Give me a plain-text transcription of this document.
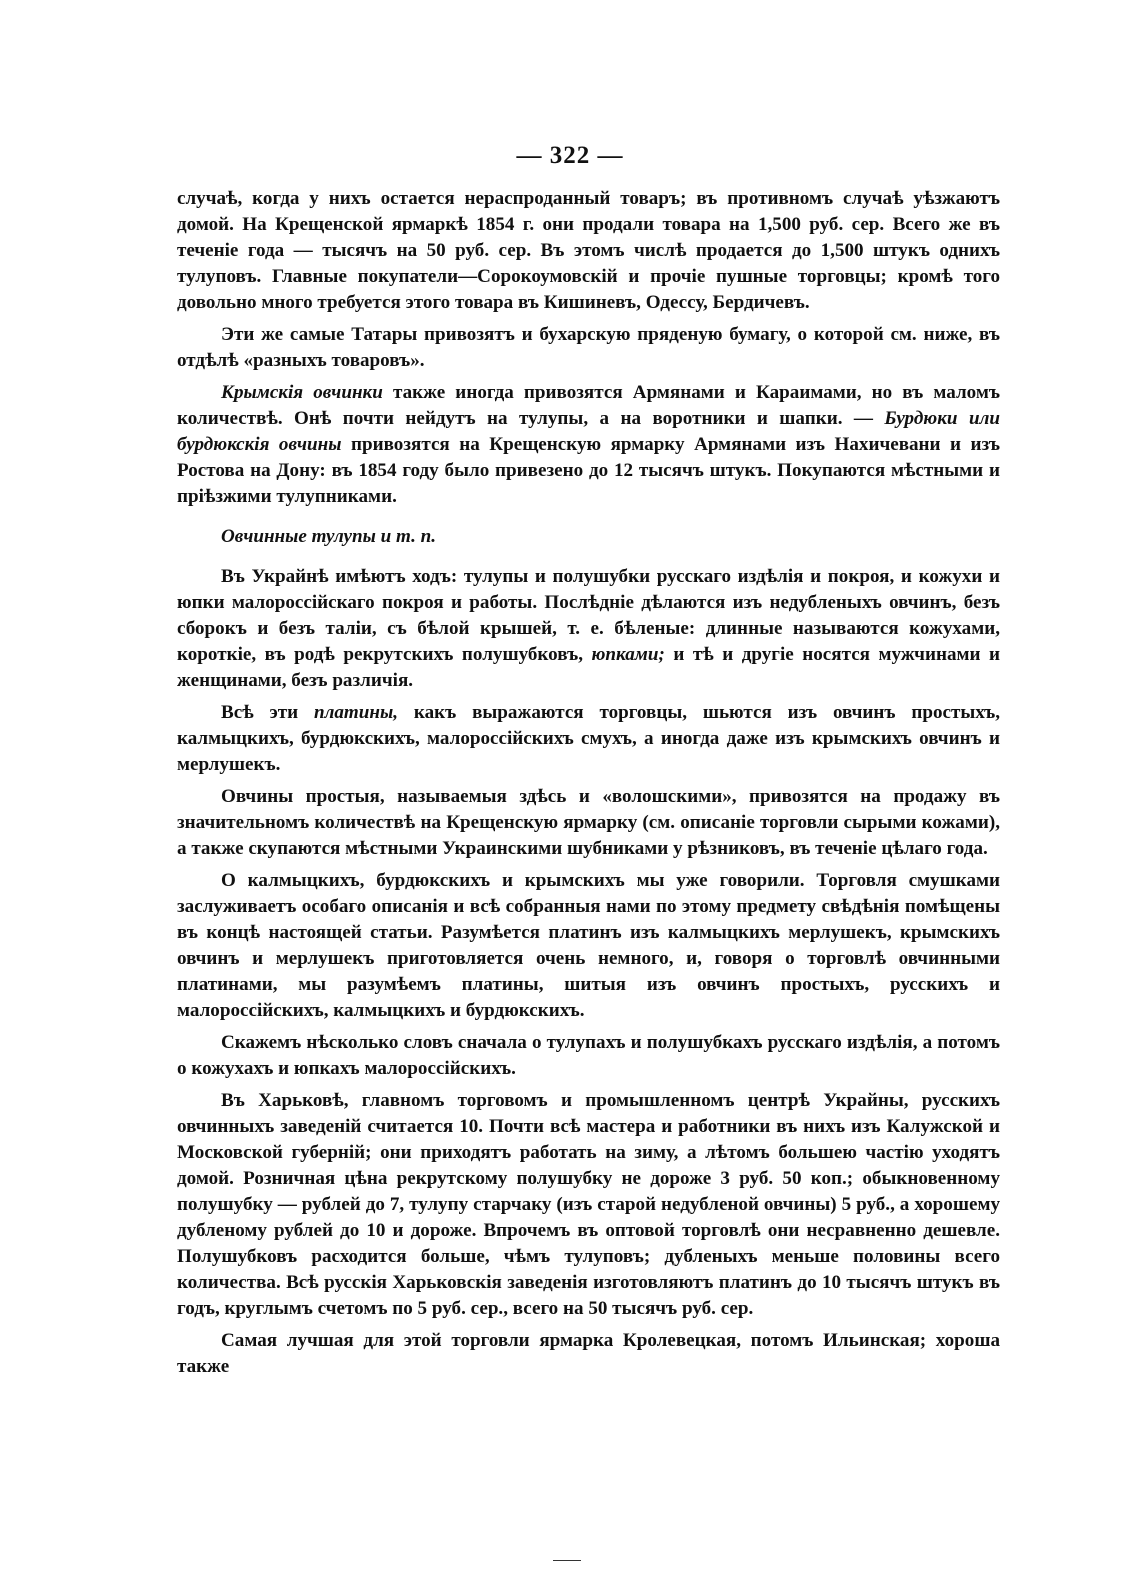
— 322 —

случаѣ, когда у нихъ остается нераспроданный товаръ; въ противномъ случаѣ уѣзжаютъ домой. На Крещенской ярмаркѣ 1854 г. они продали товара на 1,500 руб. сер. Всего же въ теченіе года — тысячъ на 50 руб. сер. Въ этомъ числѣ продается до 1,500 штукъ однихъ тулуповъ. Главные покупатели—Сорокоумовскій и прочіе пушные торговцы; кромѣ того довольно много требуется этого товара въ Кишиневъ, Одессу, Бердичевъ.

Эти же самые Татары привозятъ и бухарскую пряденую бумагу, о которой см. ниже, въ отдѣлѣ «разныхъ товаровъ».

Крымскія овчинки также иногда привозятся Армянами и Караимами, но въ маломъ количествѣ. Онѣ почти нейдутъ на тулупы, а на воротники и шапки. — Бурдюки или бурдюкскія овчины привозятся на Крещенскую ярмарку Армянами изъ Нахичевани и изъ Ростова на Дону: въ 1854 году было привезено до 12 тысячъ штукъ. Покупаются мѣстными и пріѣзжими тулупниками.

Овчинные тулупы и т. п.

Въ Украйнѣ имѣютъ ходъ: тулупы и полушубки русскаго издѣлія и покроя, и кожухи и юпки малороссійскаго покроя и работы. Послѣдніе дѣлаются изъ недубленыхъ овчинъ, безъ сборокъ и безъ таліи, съ бѣлой крышей, т. е. бѣленые: длинные называются кожухами, короткіе, въ родѣ рекрутскихъ полушубковъ, юпками; и тѣ и другіе носятся мужчинами и женщинами, безъ различія.

Всѣ эти платины, какъ выражаются торговцы, шьются изъ овчинъ простыхъ, калмыцкихъ, бурдюкскихъ, малороссійскихъ смухъ, а иногда даже изъ крымскихъ овчинъ и мерлушекъ.

Овчины простыя, называемыя здѣсь и «волошскими», привозятся на продажу въ значительномъ количествѣ на Крещенскую ярмарку (см. описаніе торговли сырыми кожами), а также скупаются мѣстными Украинскими шубниками у рѣзниковъ, въ теченіе цѣлаго года.

О калмыцкихъ, бурдюкскихъ и крымскихъ мы уже говорили. Торговля смушками заслуживаетъ особаго описанія и всѣ собранныя нами по этому предмету свѣдѣнія помѣщены въ концѣ настоящей статьи. Разумѣется платинъ изъ калмыцкихъ мерлушекъ, крымскихъ овчинъ и мерлушекъ приготовляется очень немного, и, говоря о торговлѣ овчинными платинами, мы разумѣемъ платины, шитыя изъ овчинъ простыхъ, русскихъ и малороссійскихъ, калмыцкихъ и бурдюкскихъ.

Скажемъ нѣсколько словъ сначала о тулупахъ и полушубкахъ русскаго издѣлія, а потомъ о кожухахъ и юпкахъ малороссійскихъ.

Въ Харьковѣ, главномъ торговомъ и промышленномъ центрѣ Украйны, русскихъ овчинныхъ заведеній считается 10. Почти всѣ мастера и работники въ нихъ изъ Калужской и Московской губерній; они приходятъ работать на зиму, а лѣтомъ большею частію уходятъ домой. Розничная цѣна рекрутскому полушубку не дороже 3 руб. 50 коп.; обыкновенному полушубку — рублей до 7, тулупу старчаку (изъ старой недубленой овчины) 5 руб., а хорошему дубленому рублей до 10 и дороже. Впрочемъ въ оптовой торговлѣ они несравненно дешевле. Полушубковъ расходится больше, чѣмъ тулуповъ; дубленыхъ меньше половины всего количества. Всѣ русскія Харьковскія заведенія изготовляютъ платинъ до 10 тысячъ штукъ въ годъ, круглымъ счетомъ по 5 руб. сер., всего на 50 тысячъ руб. сер.

Самая лучшая для этой торговли ярмарка Кролевецкая, потомъ Ильинская; хороша также
